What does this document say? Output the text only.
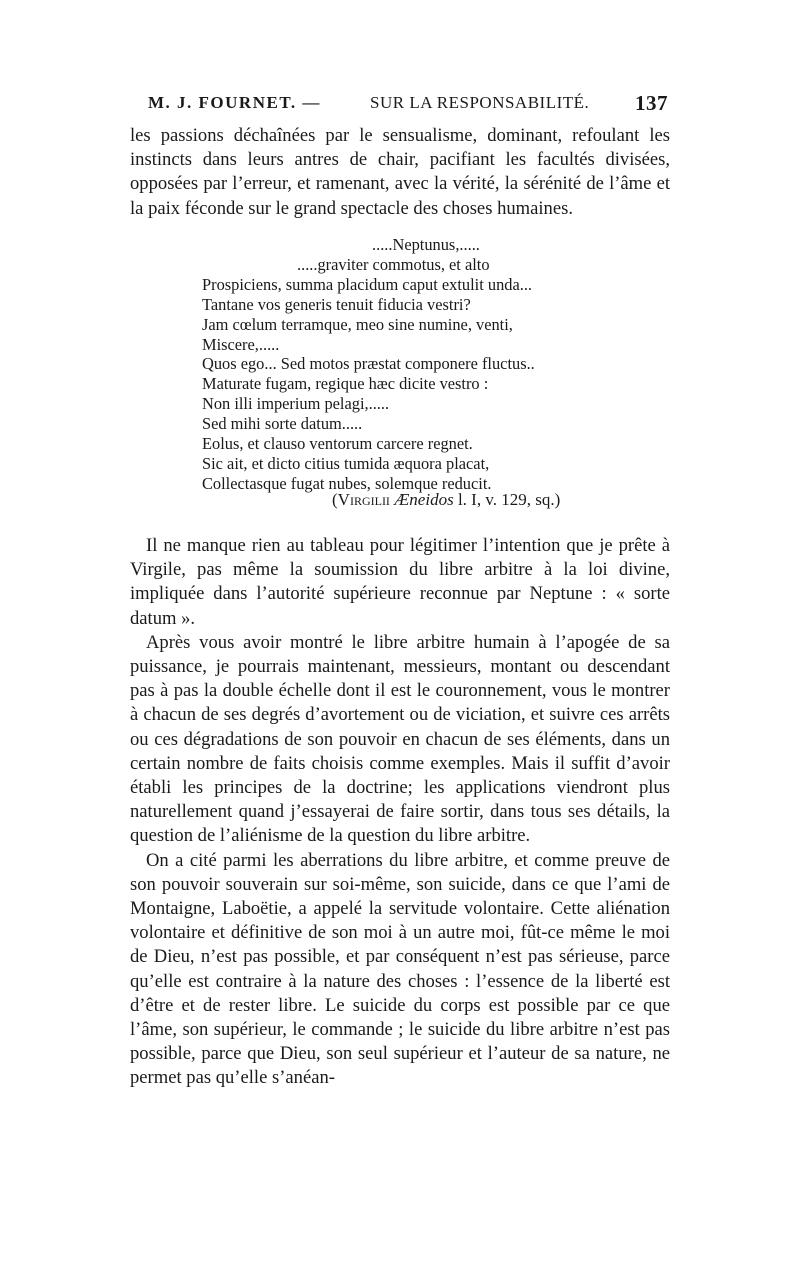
M. J. FOURNET. —	SUR LA RESPONSABILITÉ. 137

les passions déchaînées par le sensualisme, dominant, refoulant les instincts dans leurs antres de chair, pacifiant les facultés divisées, opposées par l’erreur, et ramenant, avec la vérité, la sérénité de l’âme et la paix féconde sur le grand spectacle des choses humaines.

.....Neptunus,.....
.....graviter commotus, et alto
Prospiciens, summa placidum caput extulit unda...
Tantane vos generis tenuit fiducia vestri?
Jam cœlum terramque, meo sine numine, venti,
Miscere,.....
Quos ego... Sed motos præstat componere fluctus..
Maturate fugam, regique hæc dicite vestro :
Non illi imperium pelagi,.....
Sed mihi sorte datum.....
Eolus, et clauso ventorum carcere regnet.
Sic ait, et dicto citius tumida æquora placat,
Collectasque fugat nubes, solemque reducit.
(Virgilii Æneidos l. I, v. 129, sq.)

Il ne manque rien au tableau pour légitimer l’intention que je prête à Virgile, pas même la soumission du libre arbitre à la loi divine, impliquée dans l’autorité supérieure reconnue par Neptune : « sorte datum ».

Après vous avoir montré le libre arbitre humain à l’apogée de sa puissance, je pourrais maintenant, messieurs, montant ou descendant pas à pas la double échelle dont il est le couronnement, vous le montrer à chacun de ses degrés d’avortement ou de viciation, et suivre ces arrêts ou ces dégradations de son pouvoir en chacun de ses éléments, dans un certain nombre de faits choisis comme exemples. Mais il suffit d’avoir établi les principes de la doctrine; les applications viendront plus naturellement quand j’essayerai de faire sortir, dans tous ses détails, la question de l’aliénisme de la question du libre arbitre.

On a cité parmi les aberrations du libre arbitre, et comme preuve de son pouvoir souverain sur soi-même, son suicide, dans ce que l’ami de Montaigne, Laboëtie, a appelé la servitude volontaire. Cette aliénation volontaire et définitive de son moi à un autre moi, fût-ce même le moi de Dieu, n’est pas possible, et par conséquent n’est pas sérieuse, parce qu’elle est contraire à la nature des choses : l’essence de la liberté est d’être et de rester libre. Le suicide du corps est possible par ce que l’âme, son supérieur, le commande ; le suicide du libre arbitre n’est pas possible, parce que Dieu, son seul supérieur et l’auteur de sa nature, ne permet pas qu’elle s’anéan-
